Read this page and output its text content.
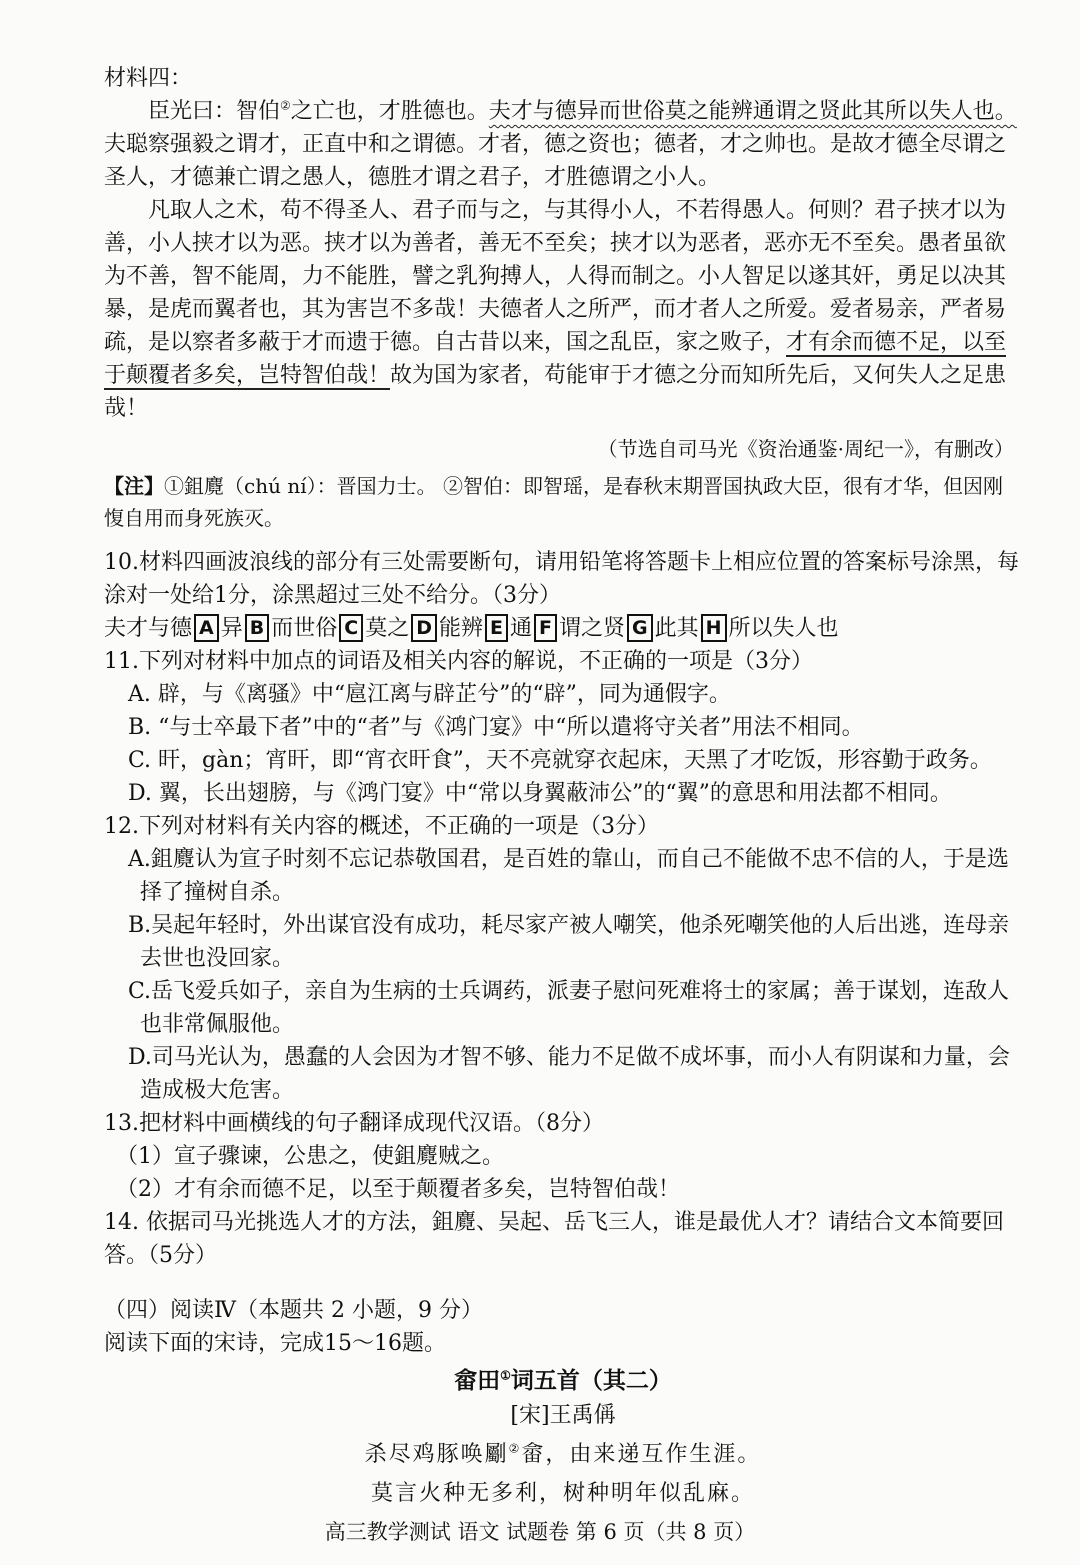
材料四：

臣光曰：智伯②之亡也，才胜德也。夫才与德异而世俗莫之能辨通谓之贤此其所以失人也。夫聪察强毅之谓才，正直中和之谓德。才者，德之资也；德者，才之帅也。是故才德全尽谓之圣人，才德兼亡谓之愚人，德胜才谓之君子，才胜德谓之小人。

凡取人之术，苟不得圣人、君子而与之，与其得小人，不若得愚人。何则？君子挟才以为善，小人挟才以为恶。挟才以为善者，善无不至矣；挟才以为恶者，恶亦无不至矣。愚者虽欲为不善，智不能周，力不能胜，譬之乳狗搏人，人得而制之。小人智足以遂其奸，勇足以决其暴，是虎而翼者也，其为害岂不多哉！夫德者人之所严，而才者人之所爱。爱者易亲，严者易疏，是以察者多蔽于才而遗于德。自古昔以来，国之乱臣，家之败子，才有余而德不足，以至于颠覆者多矣，岂特智伯哉！故为国为家者，苟能审于才德之分而知所先后，又何失人之足患哉！

（节选自司马光《资治通鉴·周纪一》，有删改）

【注】①鉏麑（chú ní）：晋国力士。 ②智伯：即智瑶，是春秋末期晋国执政大臣，很有才华，但因刚愎自用而身死族灭。

10.材料四画波浪线的部分有三处需要断句，请用铅笔将答题卡上相应位置的答案标号涂黑，每涂对一处给1分，涂黑超过三处不给分。（3分）

夫才与德 A 异 B 而世俗 C 莫之 D 能辨 E 通 F 谓之贤 G 此其 H 所以失人也

11.下列对材料中加点的词语及相关内容的解说，不正确的一项是（3分）

A. 辟，与《离骚》中“扈江离与辟芷兮”的“辟”，同为通假字。

B. “与士卒最下者”中的“者”与《鸿门宴》中“所以遣将守关者”用法不相同。

C. 旰，gàn；宵旰，即“宵衣旰食”，天不亮就穿衣起床，天黑了才吃饭，形容勤于政务。

D. 翼，长出翅膀，与《鸿门宴》中“常以身翼蔽沛公”的“翼”的意思和用法都不相同。

12.下列对材料有关内容的概述，不正确的一项是（3分）

A.鉏麑认为宣子时刻不忘记恭敬国君，是百姓的靠山，而自己不能做不忠不信的人，于是选
择了撞树自杀。

B.吴起年轻时，外出谋官没有成功，耗尽家产被人嘲笑，他杀死嘲笑他的人后出逃，连母亲
去世也没回家。

C.岳飞爱兵如子，亲自为生病的士兵调药，派妻子慰问死难将士的家属；善于谋划，连敌人
也非常佩服他。

D.司马光认为，愚蠢的人会因为才智不够、能力不足做不成坏事，而小人有阴谋和力量，会
造成极大危害。

13.把材料中画横线的句子翻译成现代汉语。（8分）

（1）宣子骤谏，公患之，使鉏麑贼之。

（2）才有余而德不足，以至于颠覆者多矣，岂特智伯哉！

14. 依据司马光挑选人才的方法，鉏麑、吴起、岳飞三人，谁是最优人才？请结合文本简要回答。（5分）

（四）阅读Ⅳ（本题共 2 小题，9 分）

阅读下面的宋诗，完成15～16题。

畲田①词五首（其二）

[宋]王禹偁

杀尽鸡豚唤劚②畲，由来递互作生涯。

莫言火种无多利，树种明年似乱麻。

高三教学测试 语文 试题卷 第 6 页（共 8 页）
